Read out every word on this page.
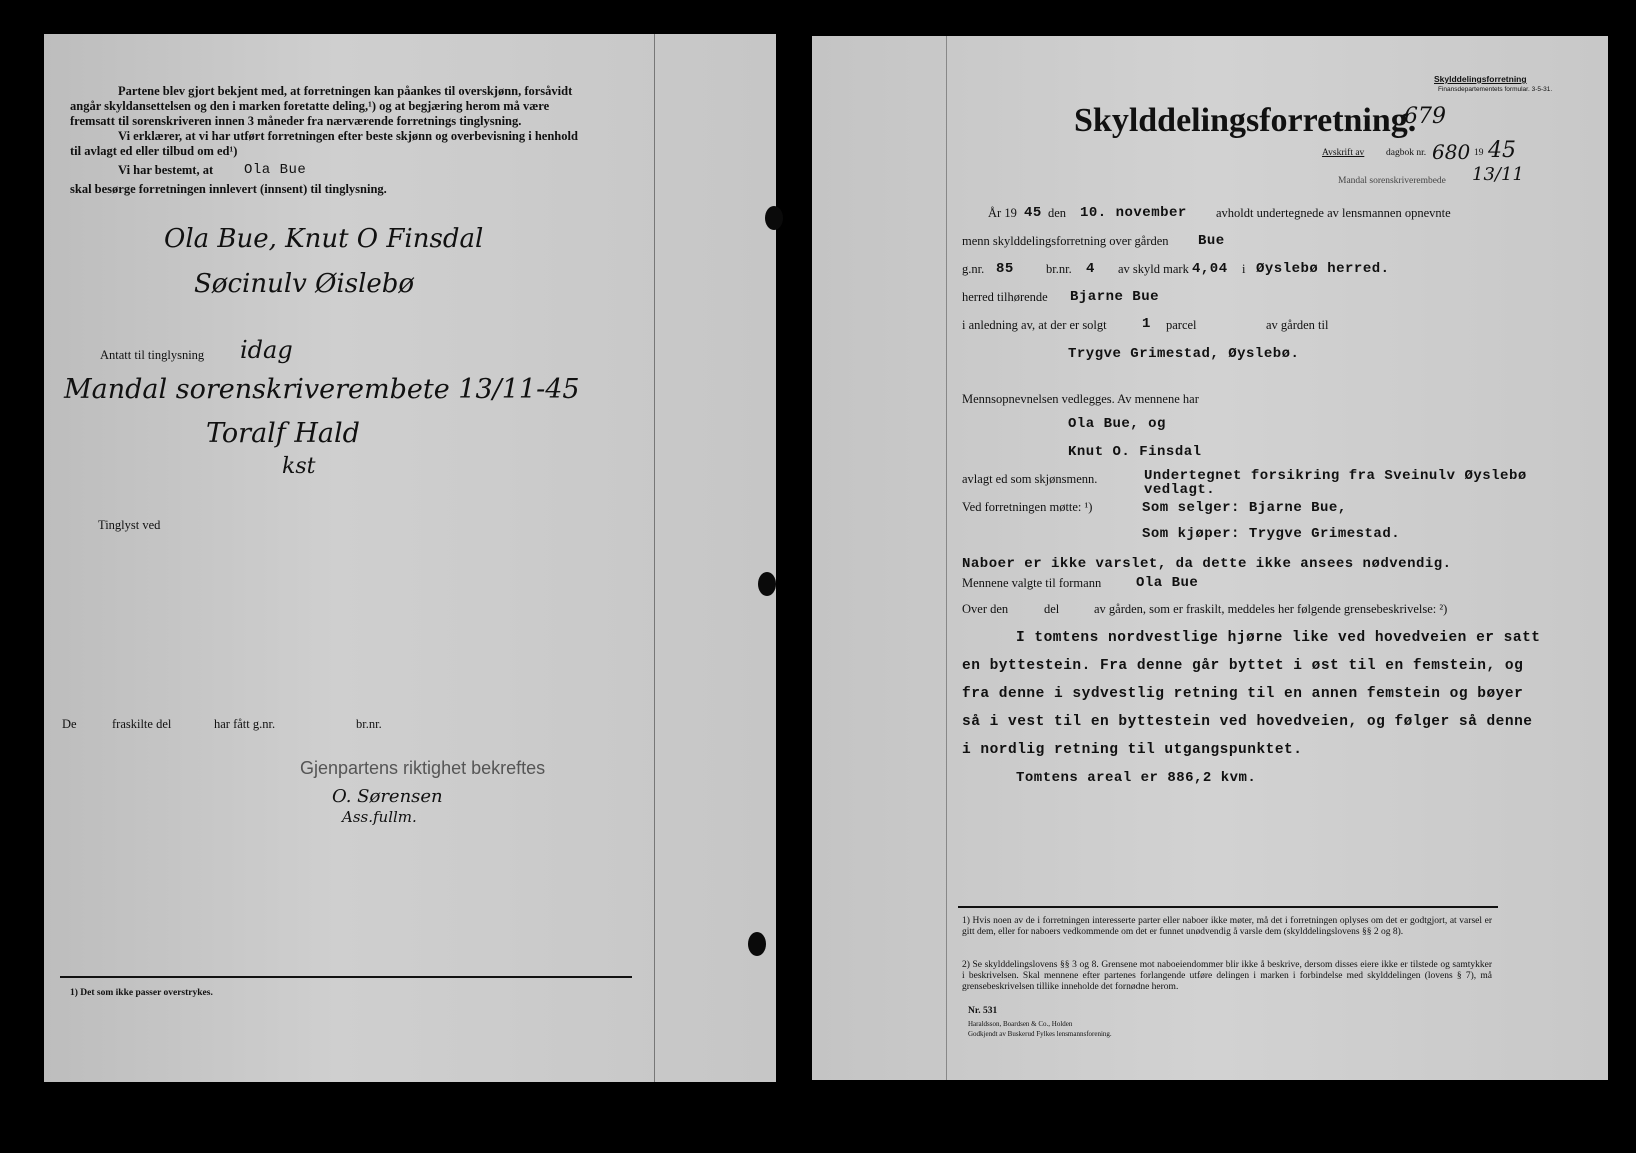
Partene blev gjort bekjent med, at forretningen kan påankes til overskjønn, forsåvidt
angår skyldansettelsen og den i marken foretatte deling,¹) og at begjæring herom må være
fremsatt til sorenskriveren innen 3 måneder fra nærværende forretnings tinglysning.
Vi erklærer, at vi har utført forretningen efter beste skjønn og overbevisning i henhold
til avlagt ed eller tilbud om ed¹)
Vi har bestemt, at Ola Bue
skal besørge forretningen innlevert (innsent) til tinglysning.
Ola Bue, Knut O Finsdal
Søcinulv Øislebø
Antatt til tinglysning idag
Mandal sorenskriverembete 13/11-45
Toralf Hald
kst
Tinglyst ved
De	fraskilte del	har fått g.nr.	br.nr.
Gjenpartens riktighet bekreftes
O. Sørensen
Ass.fullm.
1) Det som ikke passer overstrykes.
Skylddelingsforretning
Finansdepartementets formular. 3-5-31.
Skylddelingsforretning.
679
Avskrift av dagbok nr. 680 19 45
13/11
Mandal sorenskriverembede
År 19 45 den 10. november avholdt undertegnede av lensmannen opnevnte
menn skylddelingsforretning over gården Bue
g.nr. 85	br.nr. 4 av skyld mark 4,04 i Øyslebø herred.
herred tilhørende Bjarne Bue
i anledning av, at der er solgt	1 parcel	av gården til
Trygve Grimestad, Øyslebø.
Mennsopnevnelsen vedlegges. Av mennene har
Ola Bue, og
Knut O. Finsdal
avlagt ed som skjønsmenn.	Undertegnet forsikring fra Sveinulv Øyslebø
vedlagt.
Ved forretningen møtte: ¹)	Som selger: Bjarne Bue,
Som kjøper: Trygve Grimestad.
Naboer er ikke varslet, da dette ikke ansees nødvendig.
Mennene valgte til formann Ola Bue
Over den	del	av gården, som er fraskilt, meddeles her følgende grensebeskrivelse: ²)
I tomtens nordvestlige hjørne like ved hovedveien er satt
en byttestein. Fra denne går byttet i øst til en femstein, og
fra denne i sydvestlig retning til en annen femstein og bøyer
så i vest til en byttestein ved hovedveien, og følger så denne
i nordlig retning til utgangspunktet.
Tomtens areal er 886,2 kvm.
1) Hvis noen av de i forretningen interesserte parter eller naboer ikke møter, må det i forretningen oplyses om det er godtgjort, at varsel er gitt dem, eller for naboers vedkommende om det er funnet unødvendig å varsle dem (skylddelingslovens §§ 2 og 8).
2) Se skylddelingslovens §§ 3 og 8. Grensene mot naboeiendommer blir ikke å beskrive, dersom disses eiere ikke er tilstede og samtykker i beskrivelsen. Skal mennene efter partenes forlangende utføre delingen i marken i forbindelse med skylddelingen (lovens § 7), må grensebeskrivelsen tillike inneholde det fornødne herom.
Nr. 531
Haraldsson, Boardsen & Co., Holden
Godkjendt av Buskerud Fylkes lensmannsforening.
